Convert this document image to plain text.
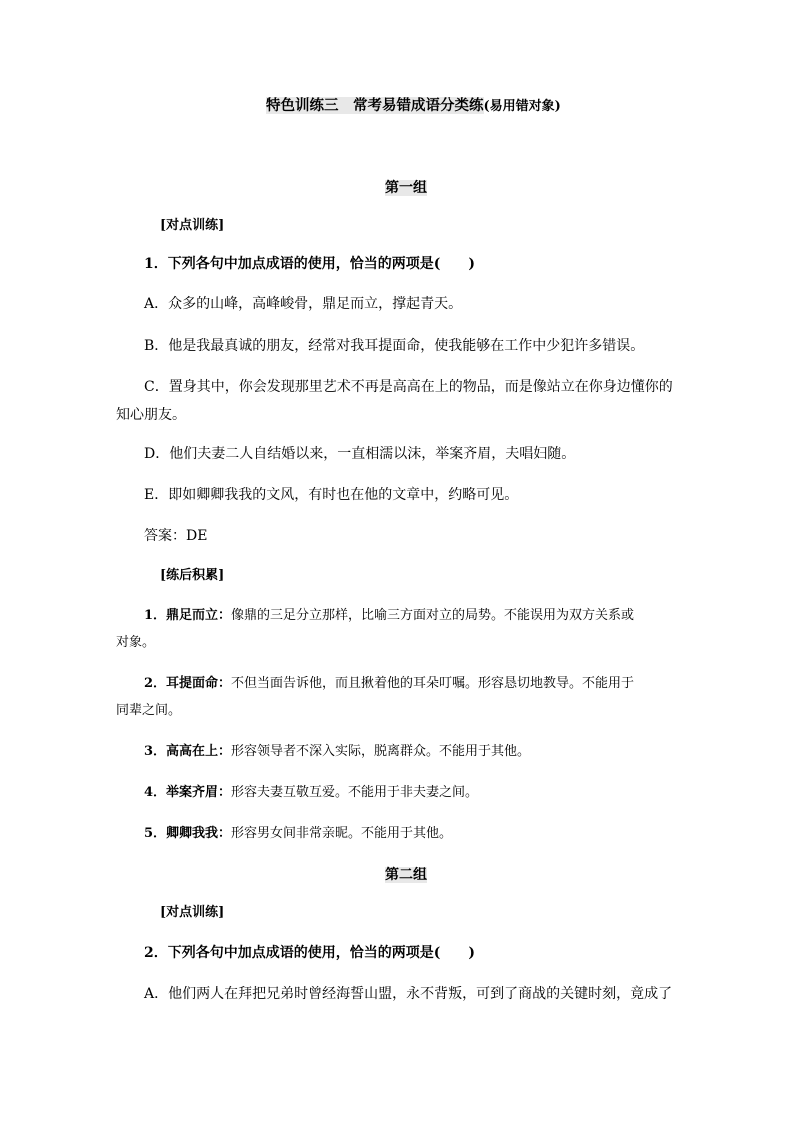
特色训练三　常考易错成语分类练(易用错对象)
第一组
[对点训练]
1．下列各句中加点成语的使用，恰当的两项是(　　)
A．众多的山峰，高峰峻骨，鼎足而立，撑起青天。
B．他是我最真诚的朋友，经常对我耳提面命，使我能够在工作中少犯许多错误。
C．置身其中，你会发现那里艺术不再是高高在上的物品，而是像站立在你身边懂你的
知心朋友。
D．他们夫妻二人自结婚以来，一直相濡以沫，举案齐眉，夫唱妇随。
E．即如卿卿我我的文风，有时也在他的文章中，约略可见。
答案：DE
[练后积累]
1．鼎足而立：像鼎的三足分立那样，比喻三方面对立的局势。不能误用为双方关系或
对象。
2．耳提面命：不但当面告诉他，而且揪着他的耳朵叮嘱。形容恳切地教导。不能用于
同辈之间。
3．高高在上：形容领导者不深入实际，脱离群众。不能用于其他。
4．举案齐眉：形容夫妻互敬互爱。不能用于非夫妻之间。
5．卿卿我我：形容男女间非常亲昵。不能用于其他。
第二组
[对点训练]
2．下列各句中加点成语的使用，恰当的两项是(　　)
A．他们两人在拜把兄弟时曾经海誓山盟，永不背叛，可到了商战的关键时刻，竟成了
